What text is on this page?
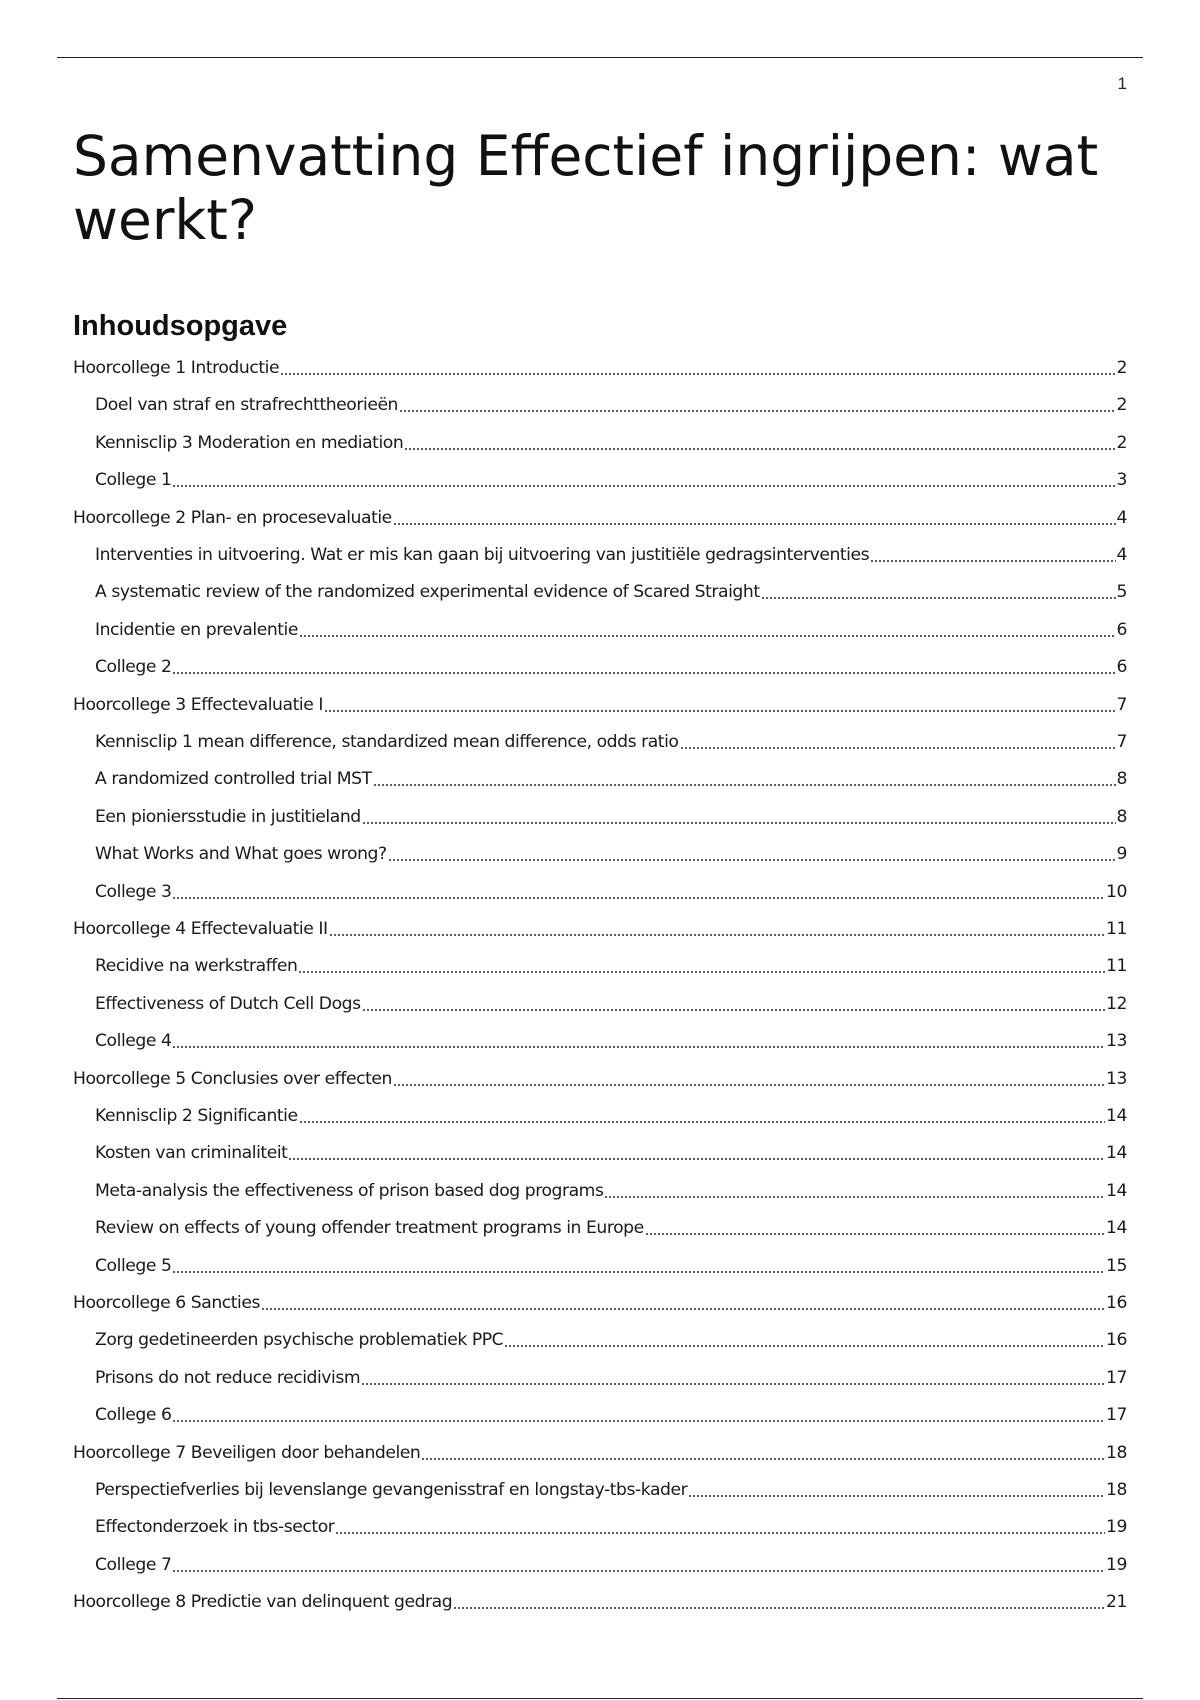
1
Samenvatting Effectief ingrijpen: wat werkt?
Inhoudsopgave
Hoorcollege 1 Introductie	2
Doel van straf en strafrechttheorieën	2
Kennisclip 3 Moderation en mediation	2
College 1	3
Hoorcollege 2 Plan- en procesevaluatie	4
Interventies in uitvoering. Wat er mis kan gaan bij uitvoering van justitiële gedragsinterventies	4
A systematic review of the randomized experimental evidence of Scared Straight	5
Incidentie en prevalentie	6
College 2	6
Hoorcollege 3 Effectevaluatie I	7
Kennisclip 1 mean difference, standardized mean difference, odds ratio	7
A randomized controlled trial MST	8
Een pioniersstudie in justitieland	8
What Works and What goes wrong?	9
College 3	10
Hoorcollege 4 Effectevaluatie II	11
Recidive na werkstraffen	11
Effectiveness of Dutch Cell Dogs	12
College 4	13
Hoorcollege 5 Conclusies over effecten	13
Kennisclip 2 Significantie	14
Kosten van criminaliteit	14
Meta-analysis the effectiveness of prison based dog programs	14
Review on effects of young offender treatment programs in Europe	14
College 5	15
Hoorcollege 6 Sancties	16
Zorg gedetineerden psychische problematiek PPC	16
Prisons do not reduce recidivism	17
College 6	17
Hoorcollege 7 Beveiligen door behandelen	18
Perspectiefverlies bij levenslange gevangenisstraf en longstay-tbs-kader	18
Effectonderzoek in tbs-sector	19
College 7	19
Hoorcollege 8 Predictie van delinquent gedrag	21
